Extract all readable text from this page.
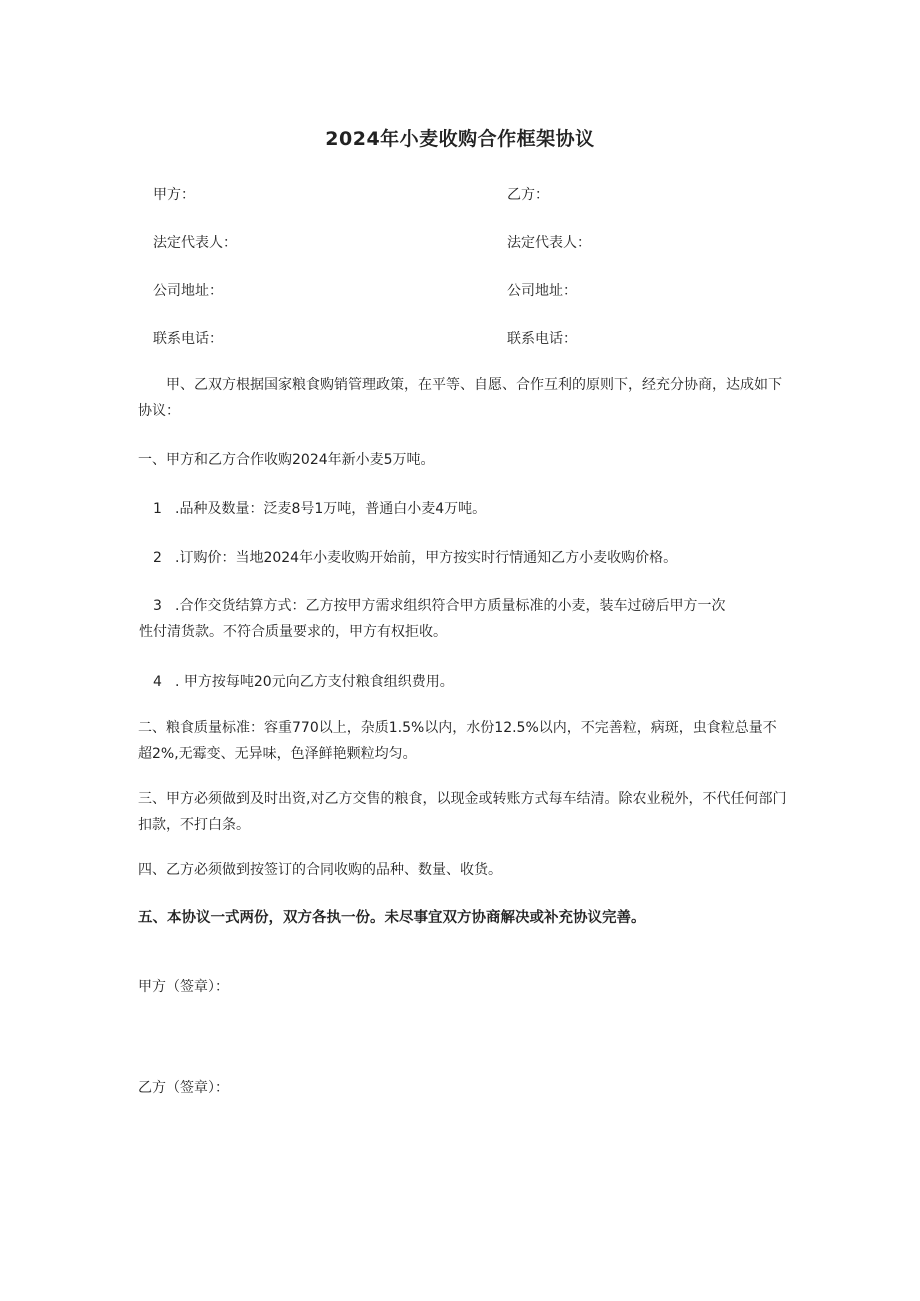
2024年小麦收购合作框架协议
甲方：	乙方：
法定代表人：	法定代表人：
公司地址：	公司地址：
联系电话：	联系电话：
甲、乙双方根据国家粮食购销管理政策，在平等、自愿、合作互利的原则下，经充分协商，达成如下协议：
一、甲方和乙方合作收购2024年新小麦5万吨。
1 .品种及数量：泛麦8号1万吨，普通白小麦4万吨。
2 .订购价：当地2024年小麦收购开始前，甲方按实时行情通知乙方小麦收购价格。
3 .合作交货结算方式：乙方按甲方需求组织符合甲方质量标准的小麦，装车过磅后甲方一次
性付清货款。不符合质量要求的，甲方有权拒收。
4 . 甲方按每吨20元向乙方支付粮食组织费用。
二、粮食质量标准：容重770以上，杂质1.5%以内，水份12.5%以内，不完善粒，病斑，虫食粒总量不超2%,无霉变、无异味，色泽鲜艳颗粒均匀。
三、甲方必须做到及时出资,对乙方交售的粮食，以现金或转账方式每车结清。除农业税外，不代任何部门扣款，不打白条。
四、乙方必须做到按签订的合同收购的品种、数量、收货。
五、本协议一式两份，双方各执一份。未尽事宜双方协商解决或补充协议完善。
甲方（签章）：
乙方（签章）：
